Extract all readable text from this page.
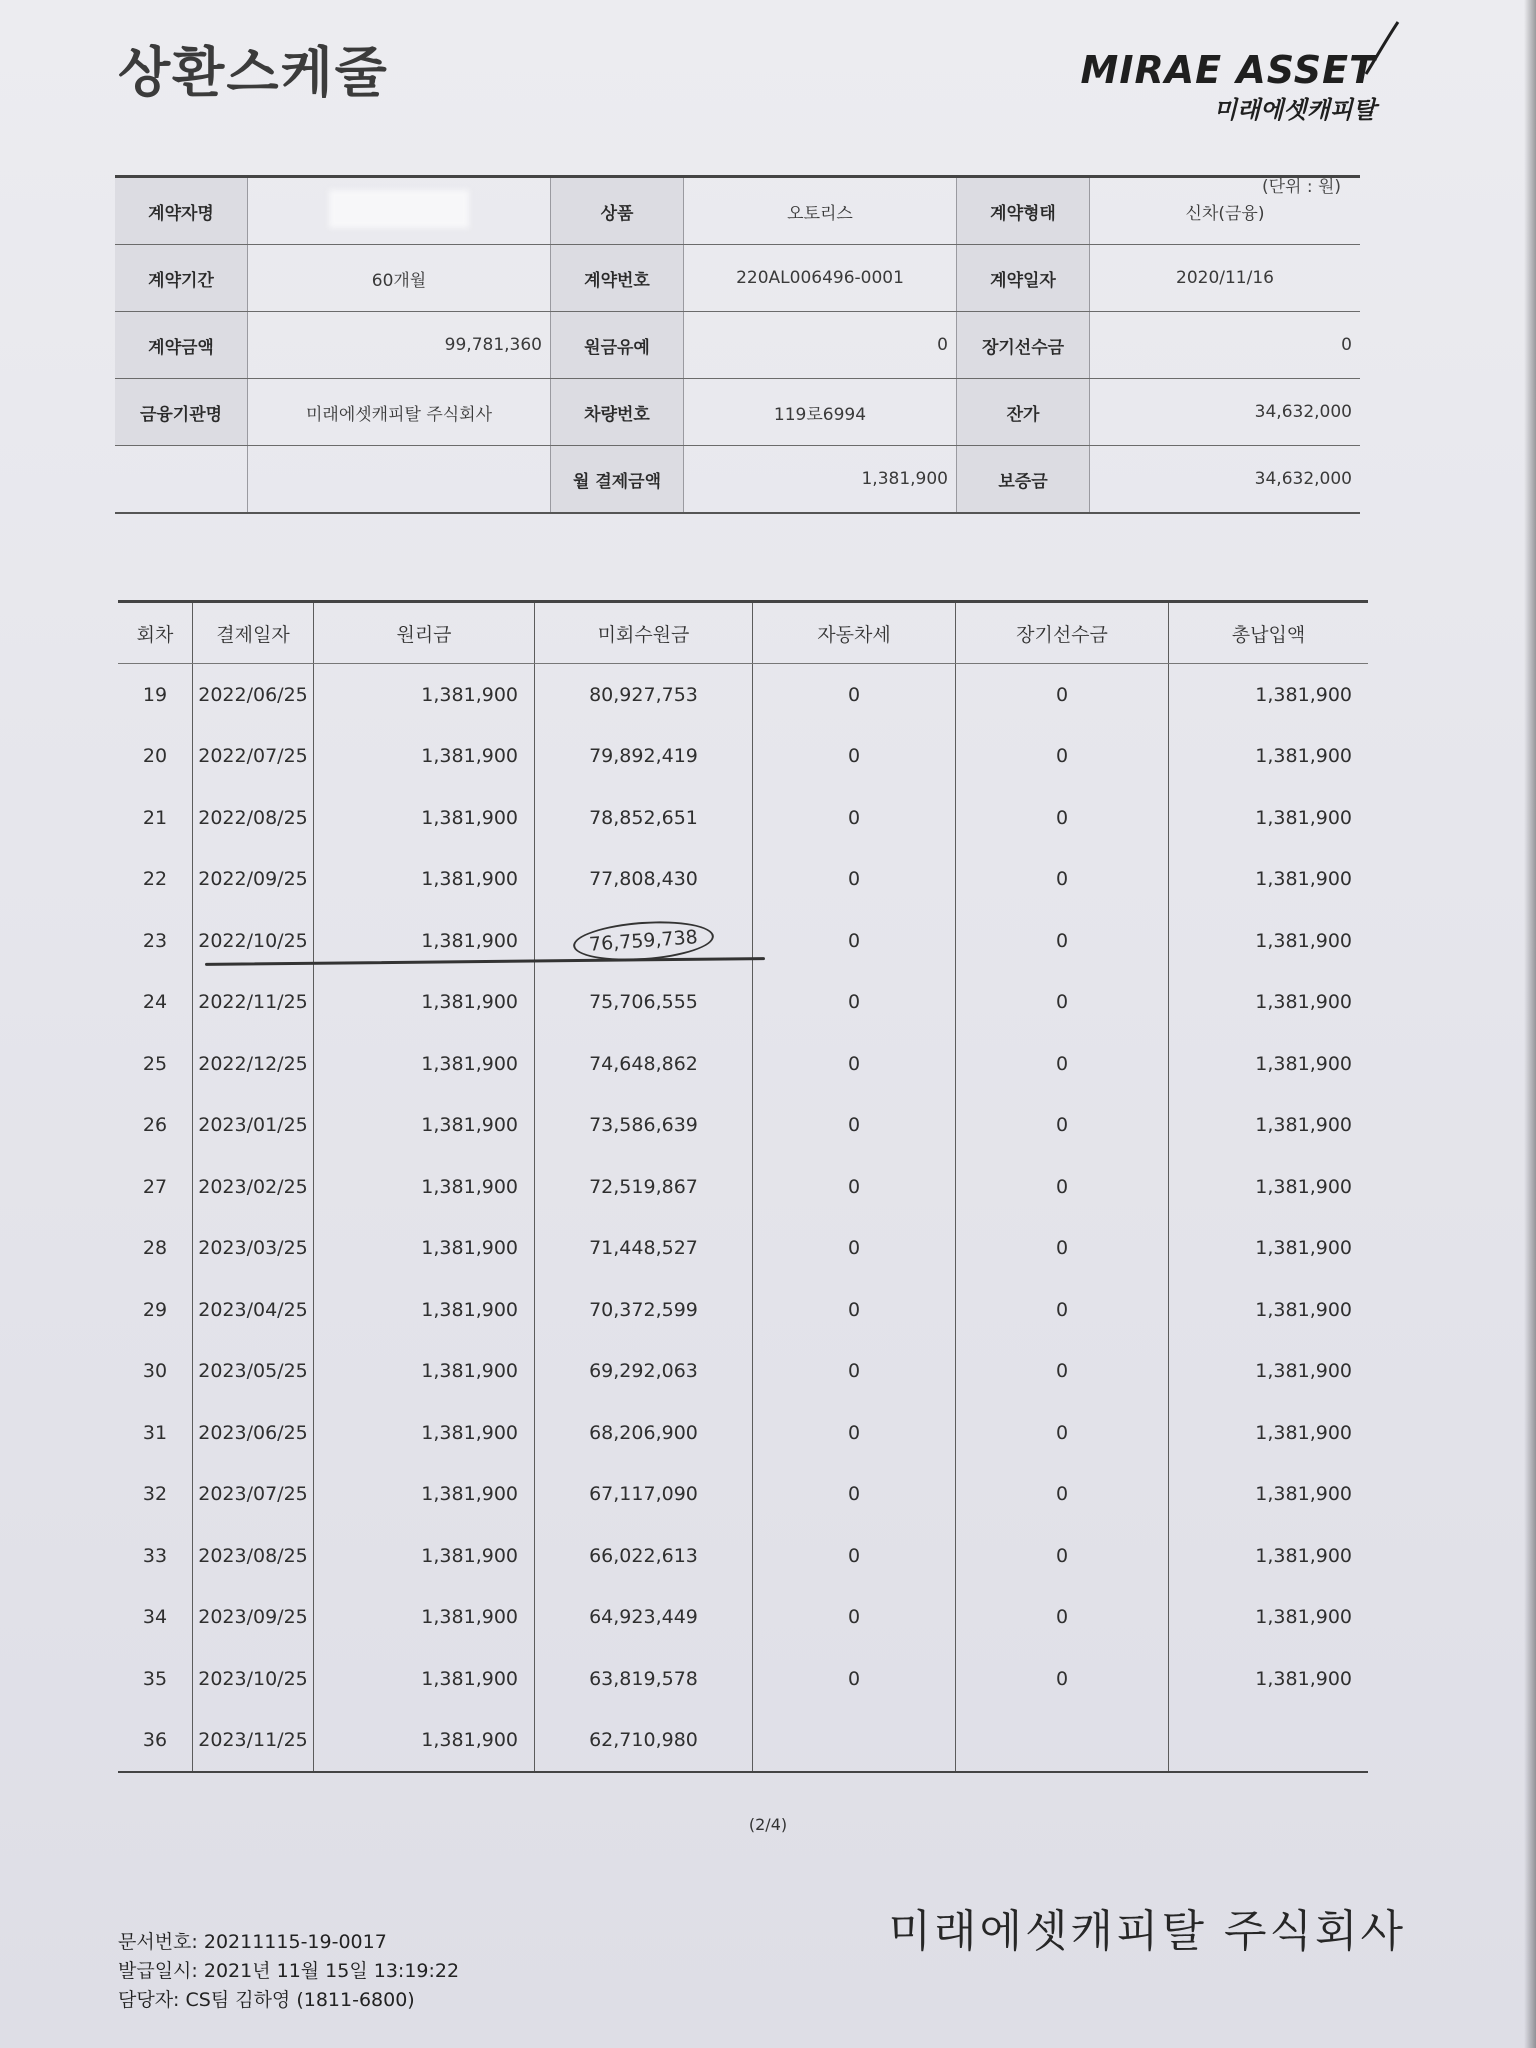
상환스케줄	MIRAE ASSET
미래에셋캐피탈
(단위 : 원)
계약자명		상품	오토리스	계약형태	신차(금융)
계약기간	60개월	계약번호	220AL006496-0001	계약일자	2020/11/16
계약금액	99,781,360	원금유예	0	장기선수금	0
금융기관명	미래에셋캐피탈 주식회사	차량번호	119로6994	잔가	34,632,000
		월 결제금액	1,381,900	보증금	34,632,000
회차	결제일자	원리금	미회수원금	자동차세	장기선수금	총납입액
19	2022/06/25	1,381,900	80,927,753	0	0	1,381,900
20	2022/07/25	1,381,900	79,892,419	0	0	1,381,900
21	2022/08/25	1,381,900	78,852,651	0	0	1,381,900
22	2022/09/25	1,381,900	77,808,430	0	0	1,381,900
23	2022/10/25	1,381,900	76,759,738	0	0	1,381,900
24	2022/11/25	1,381,900	75,706,555	0	0	1,381,900
25	2022/12/25	1,381,900	74,648,862	0	0	1,381,900
26	2023/01/25	1,381,900	73,586,639	0	0	1,381,900
27	2023/02/25	1,381,900	72,519,867	0	0	1,381,900
28	2023/03/25	1,381,900	71,448,527	0	0	1,381,900
29	2023/04/25	1,381,900	70,372,599	0	0	1,381,900
30	2023/05/25	1,381,900	69,292,063	0	0	1,381,900
31	2023/06/25	1,381,900	68,206,900	0	0	1,381,900
32	2023/07/25	1,381,900	67,117,090	0	0	1,381,900
33	2023/08/25	1,381,900	66,022,613	0	0	1,381,900
34	2023/09/25	1,381,900	64,923,449	0	0	1,381,900
35	2023/10/25	1,381,900	63,819,578	0	0	1,381,900
36	2023/11/25	1,381,900	62,710,980			
(2/4)
미래에셋캐피탈 주식회사
문서번호: 20211115-19-0017
발급일시: 2021년 11월 15일 13:19:22
담당자: CS팀 김하영 (1811-6800)
